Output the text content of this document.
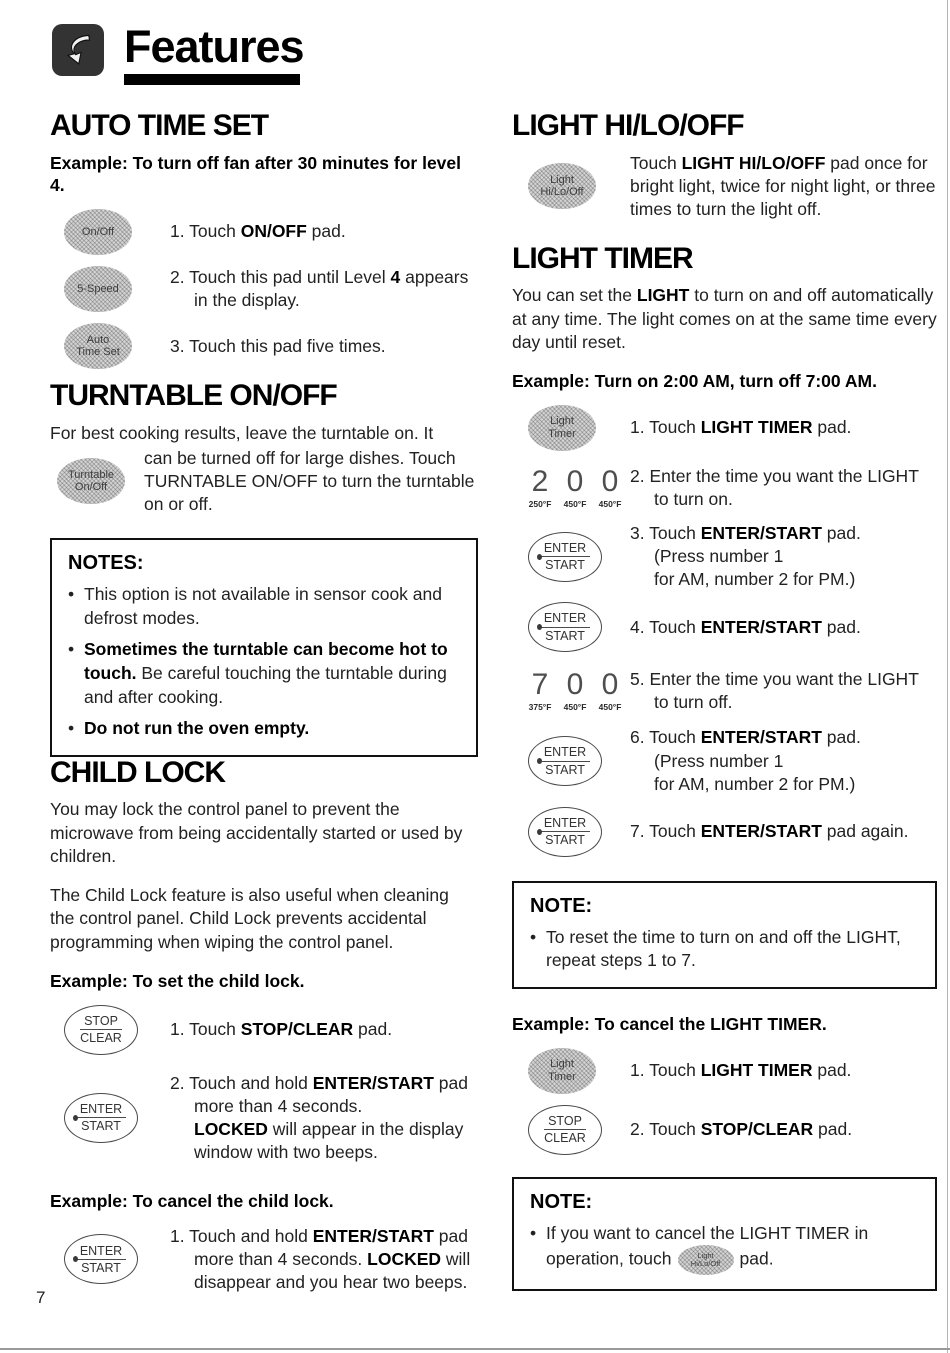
Features
AUTO TIME SET

Example: To turn off fan after 30 minutes for level 4.

On/Off	1. Touch ON/OFF pad.
5-Speed
2. Touch this pad until Level 4 appears in the display.
Auto
Time Set	3. Touch this pad five times.
TURNTABLE ON/OFF
For best cooking results, leave the turntable on. It
Turntable
On/Off
can be turned off for large dishes. Touch TURNTABLE ON/OFF to turn the turntable on or off.
NOTES:
• This option is not available in sensor cook and defrost modes.
• Sometimes the turntable can become hot to touch. Be careful touching the turntable during and after cooking.
• Do not run the oven empty.
CHILD LOCK

You may lock the control panel to prevent the microwave from being accidentally started or used by children.

The Child Lock feature is also useful when cleaning the control panel. Child Lock prevents accidental programming when wiping the control panel.

Example: To set the child lock.

STOP
CLEAR	1. Touch STOP/CLEAR pad.
ENTER
START
2. Touch and hold ENTER/START pad more than 4 seconds.
LOCKED will appear in the display window with two beeps.

Example: To cancel the child lock.

ENTER
START
1. Touch and hold ENTER/START pad more than 4 seconds. LOCKED will disappear and you hear two beeps.
LIGHT HI/LO/OFF
Light
Hi/Lo/Off
Touch LIGHT HI/LO/OFF pad once for bright light, twice for night light, or three times to turn the light off.
LIGHT TIMER

You can set the LIGHT to turn on and off automatically at any time. The light comes on at the same time every day until reset.

Example: Turn on 2:00 AM, turn off 7:00 AM.

Light
Timer	1. Touch LIGHT TIMER pad.
2
250°F
0
450°F
0
450°F
2. Enter the time you want the LIGHT to turn on.
ENTER
START
3. Touch ENTER/START pad.
(Press number 1
for AM, number 2 for PM.)
ENTER
START	4. Touch ENTER/START pad.
7
375°F
0
450°F
0
450°F
5. Enter the time you want the LIGHT to turn off.
ENTER
START
6. Touch ENTER/START pad.
(Press number 1
for AM, number 2 for PM.)
ENTER
START	7. Touch ENTER/START pad again.
NOTE:
• To reset the time to turn on and off the LIGHT, repeat steps 1 to 7.

Example: To cancel the LIGHT TIMER.

Light
Timer	1. Touch LIGHT TIMER pad.
STOP
CLEAR	2. Touch STOP/CLEAR pad.
NOTE:
• If you want to cancel the LIGHT TIMER in operation, touch	Light
Hi/Lo/Off pad.
7
